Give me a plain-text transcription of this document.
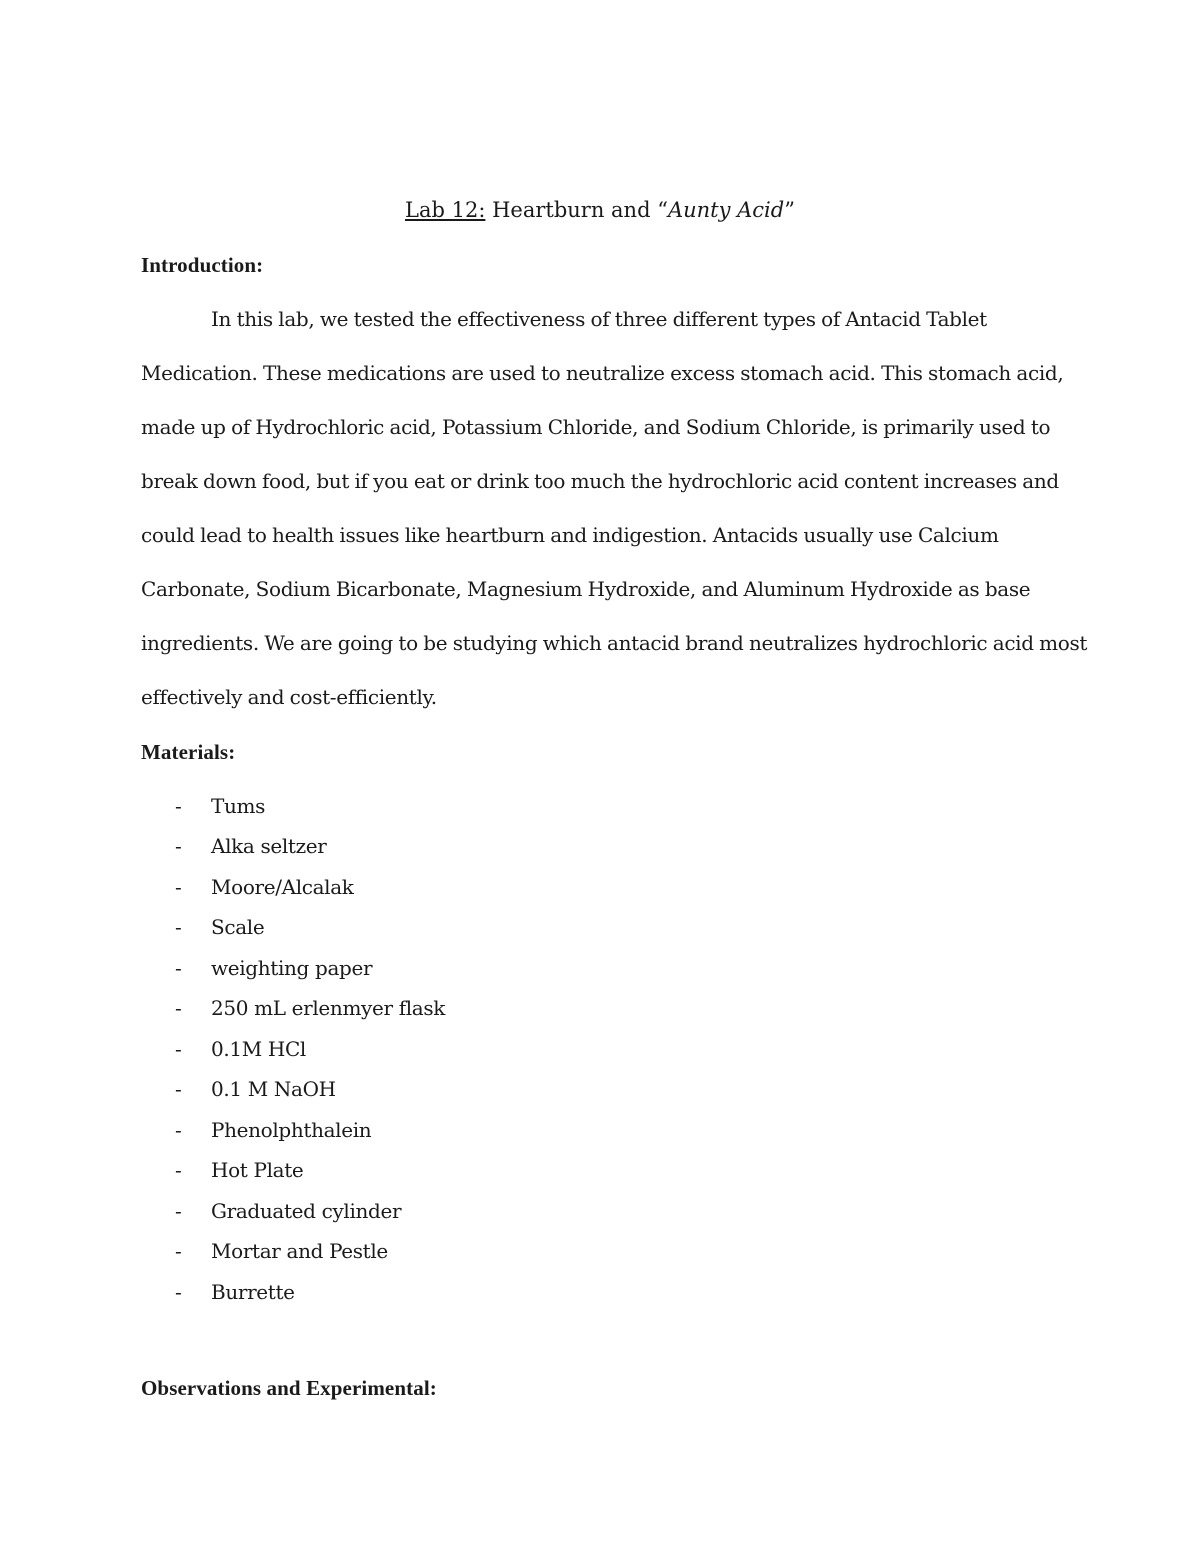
Lab 12: Heartburn and “Aunty Acid”
Introduction:
In this lab, we tested the effectiveness of three different types of Antacid Tablet
Medication. These medications are used to neutralize excess stomach acid. This stomach acid,
made up of Hydrochloric acid, Potassium Chloride, and Sodium Chloride, is primarily used to
break down food, but if you eat or drink too much the hydrochloric acid content increases and
could lead to health issues like heartburn and indigestion. Antacids usually use Calcium
Carbonate, Sodium Bicarbonate, Magnesium Hydroxide, and Aluminum Hydroxide as base
ingredients. We are going to be studying which antacid brand neutralizes hydrochloric acid most
effectively and cost-efficiently.
Materials:
- Tums
- Alka seltzer
- Moore/Alcalak
- Scale
- weighting paper
- 250 mL erlenmyer flask
- 0.1M HCl
- 0.1 M NaOH
- Phenolphthalein
- Hot Plate
- Graduated cylinder
- Mortar and Pestle
- Burrette
Observations and Experimental:
